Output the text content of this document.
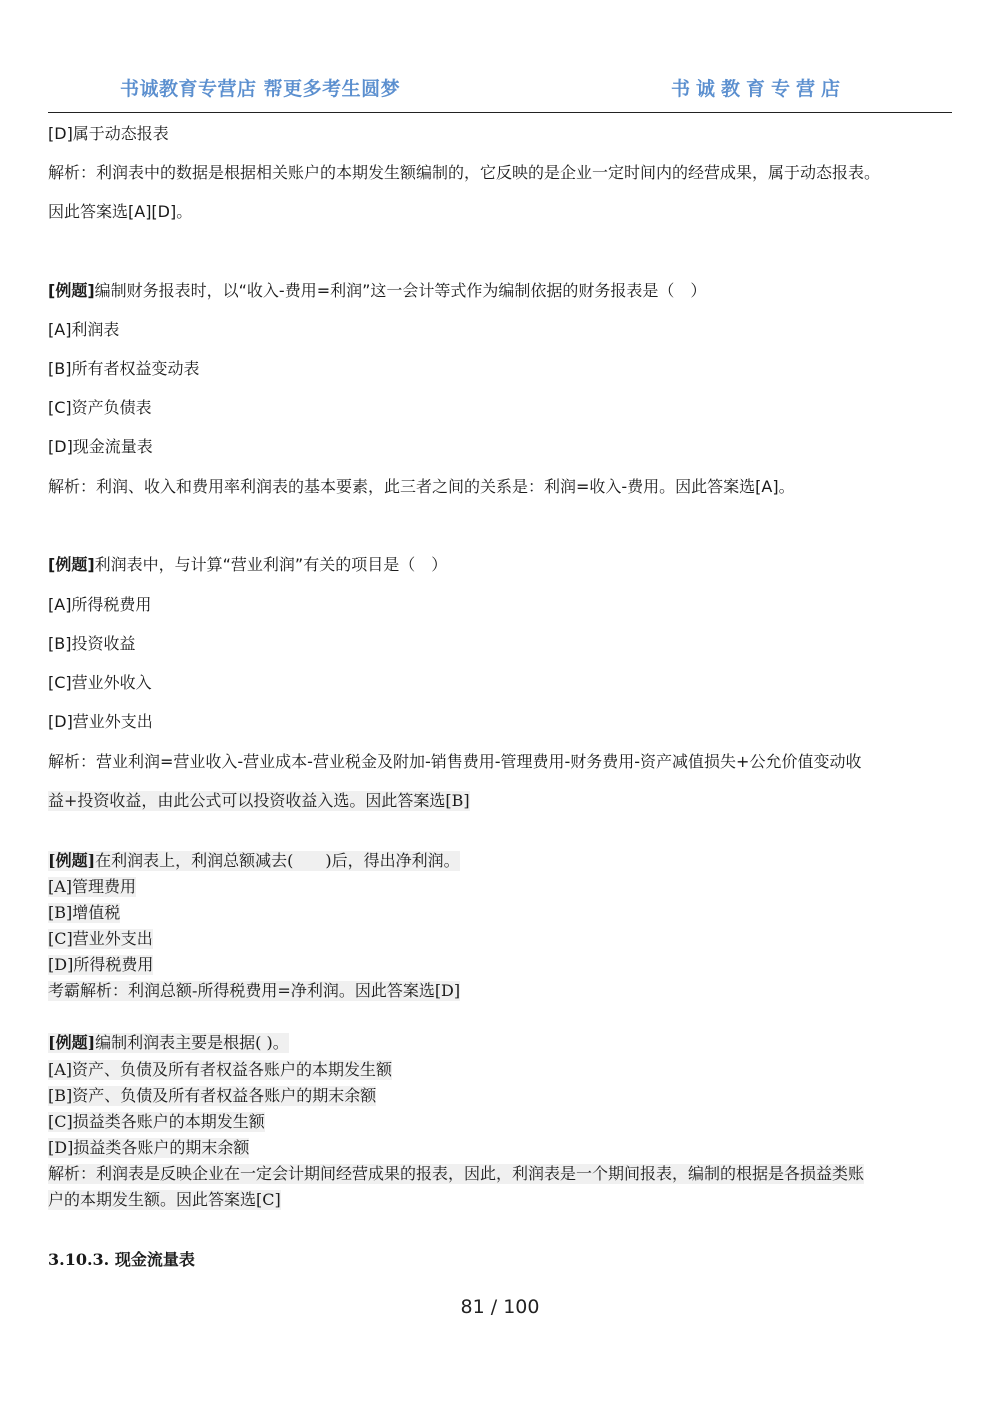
书诚教育专营店 帮更多考生圆梦	书诚教育专营店
[D]属于动态报表
解析：利润表中的数据是根据相关账户的本期发生额编制的，它反映的是企业一定时间内的经营成果，属于动态报表。
因此答案选[A][D]。
[例题]编制财务报表时，以“收入-费用=利润”这一会计等式作为编制依据的财务报表是（　）
[A]利润表
[B]所有者权益变动表
[C]资产负债表
[D]现金流量表
解析：利润、收入和费用率利润表的基本要素，此三者之间的关系是：利润=收入-费用。因此答案选[A]。
[例题]利润表中，与计算“营业利润”有关的项目是（　）
[A]所得税费用
[B]投资收益
[C]营业外收入
[D]营业外支出
解析：营业利润=营业收入-营业成本-营业税金及附加-销售费用-管理费用-财务费用-资产减值损失+公允价值变动收
益+投资收益，由此公式可以投资收益入选。因此答案选[B]
[例题]在利润表上，利润总额减去(　　)后，得出净利润。
[A]管理费用
[B]增值税
[C]营业外支出
[D]所得税费用
考霸解析：利润总额-所得税费用=净利润。因此答案选[D]
[例题]编制利润表主要是根据( )。
[A]资产、负债及所有者权益各账户的本期发生额
[B]资产、负债及所有者权益各账户的期末余额
[C]损益类各账户的本期发生额
[D]损益类各账户的期末余额
解析：利润表是反映企业在一定会计期间经营成果的报表，因此，利润表是一个期间报表，编制的根据是各损益类账
户的本期发生额。因此答案选[C]
3.10.3. 现金流量表
81 / 100
